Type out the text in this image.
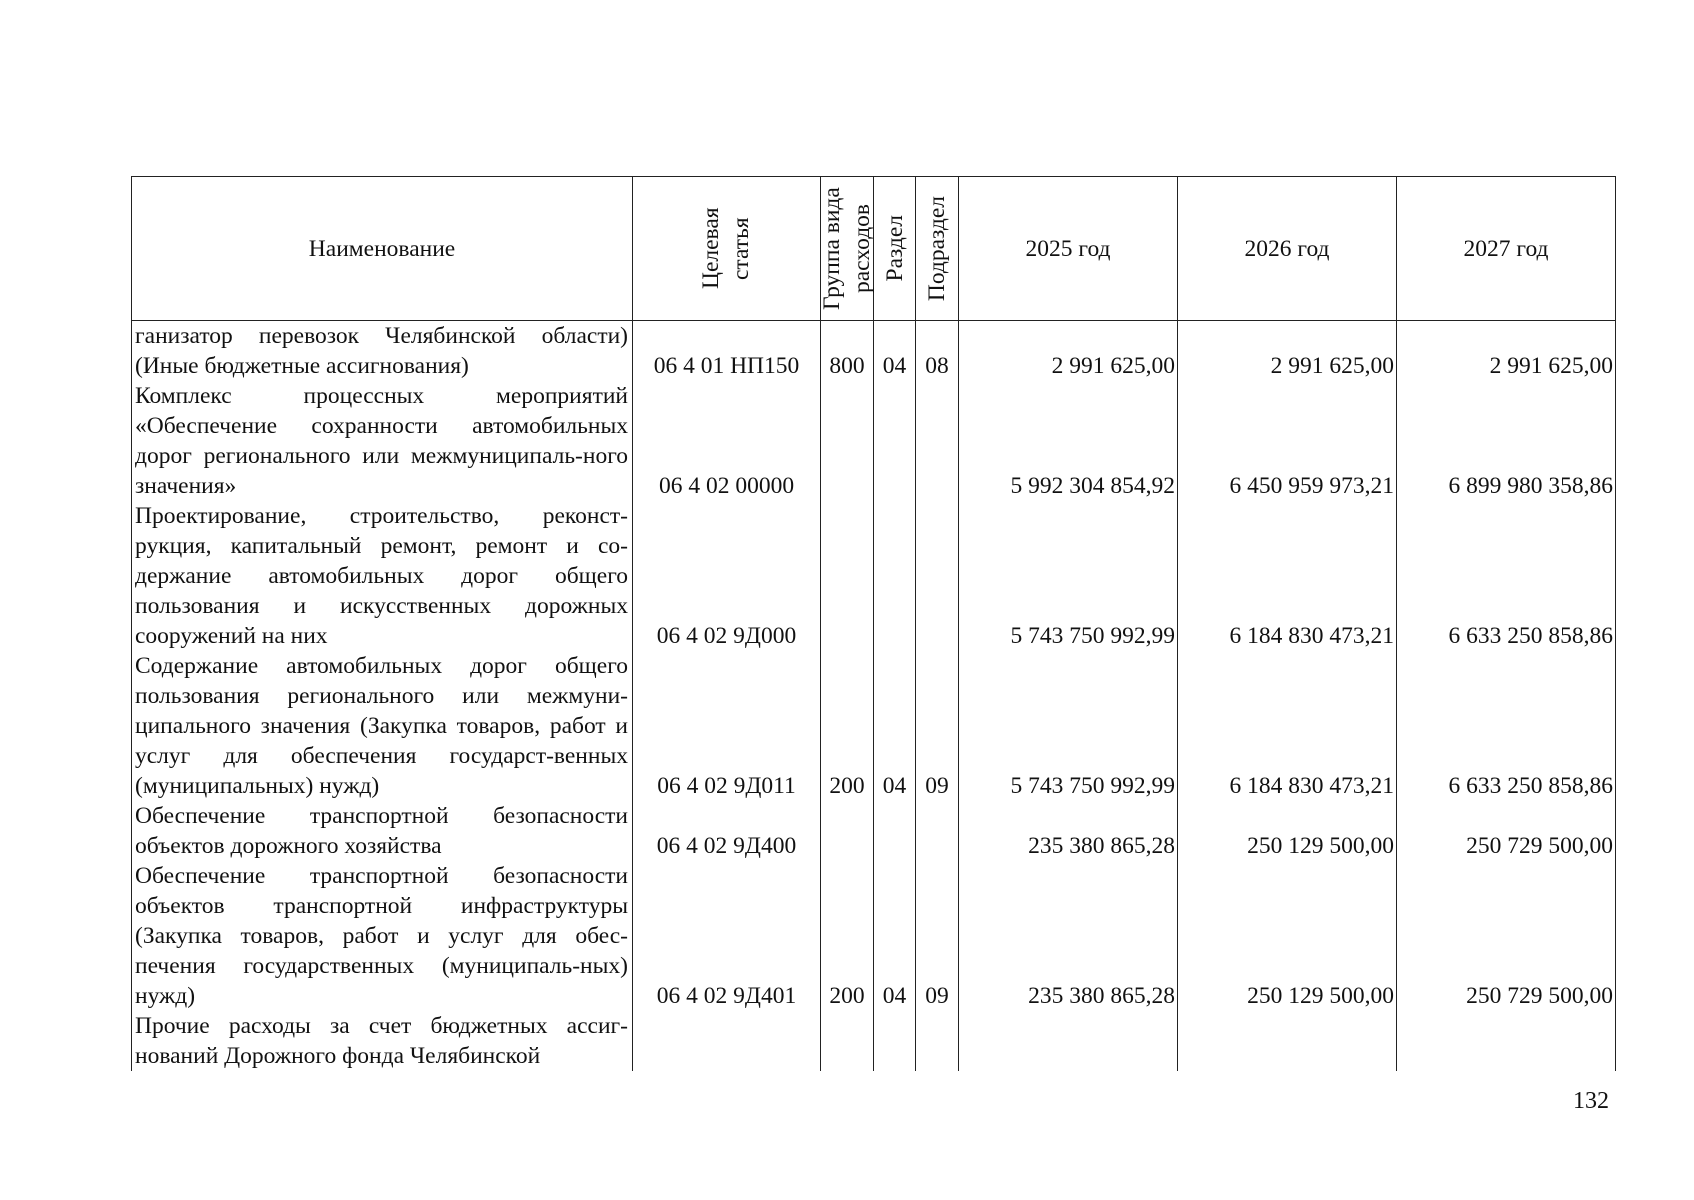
Наименование	Целевая статья	Группа вида расходов	Раздел	Подраздел	2025 год	2026 год	2027 год
ганизатор перевозок Челябинской области) (Иные бюджетные ассигнования)	06 4 01 НП150	800	04	08	2 991 625,00	2 991 625,00	2 991 625,00
Комплекс процессных мероприятий «Обеспечение сохранности автомобильных дорог регионального или межмуниципаль-ного значения»	06 4 02 00000				5 992 304 854,92	6 450 959 973,21	6 899 980 358,86
Проектирование, строительство, реконст-рукция, капитальный ремонт, ремонт и со-держание автомобильных дорог общего пользования и искусственных дорожных сооружений на них	06 4 02 9Д000				5 743 750 992,99	6 184 830 473,21	6 633 250 858,86
Содержание автомобильных дорог общего пользования регионального или межмуни-ципального значения (Закупка товаров, работ и услуг для обеспечения государст-венных (муниципальных) нужд)	06 4 02 9Д011	200	04	09	5 743 750 992,99	6 184 830 473,21	6 633 250 858,86
Обеспечение транспортной безопасности объектов дорожного хозяйства	06 4 02 9Д400				235 380 865,28	250 129 500,00	250 729 500,00
Обеспечение транспортной безопасности объектов транспортной инфраструктуры (Закупка товаров, работ и услуг для обес-печения государственных (муниципаль-ных) нужд)	06 4 02 9Д401	200	04	09	235 380 865,28	250 129 500,00	250 729 500,00
Прочие расходы за счет бюджетных ассиг-нований Дорожного фонда Челябинской							
132
